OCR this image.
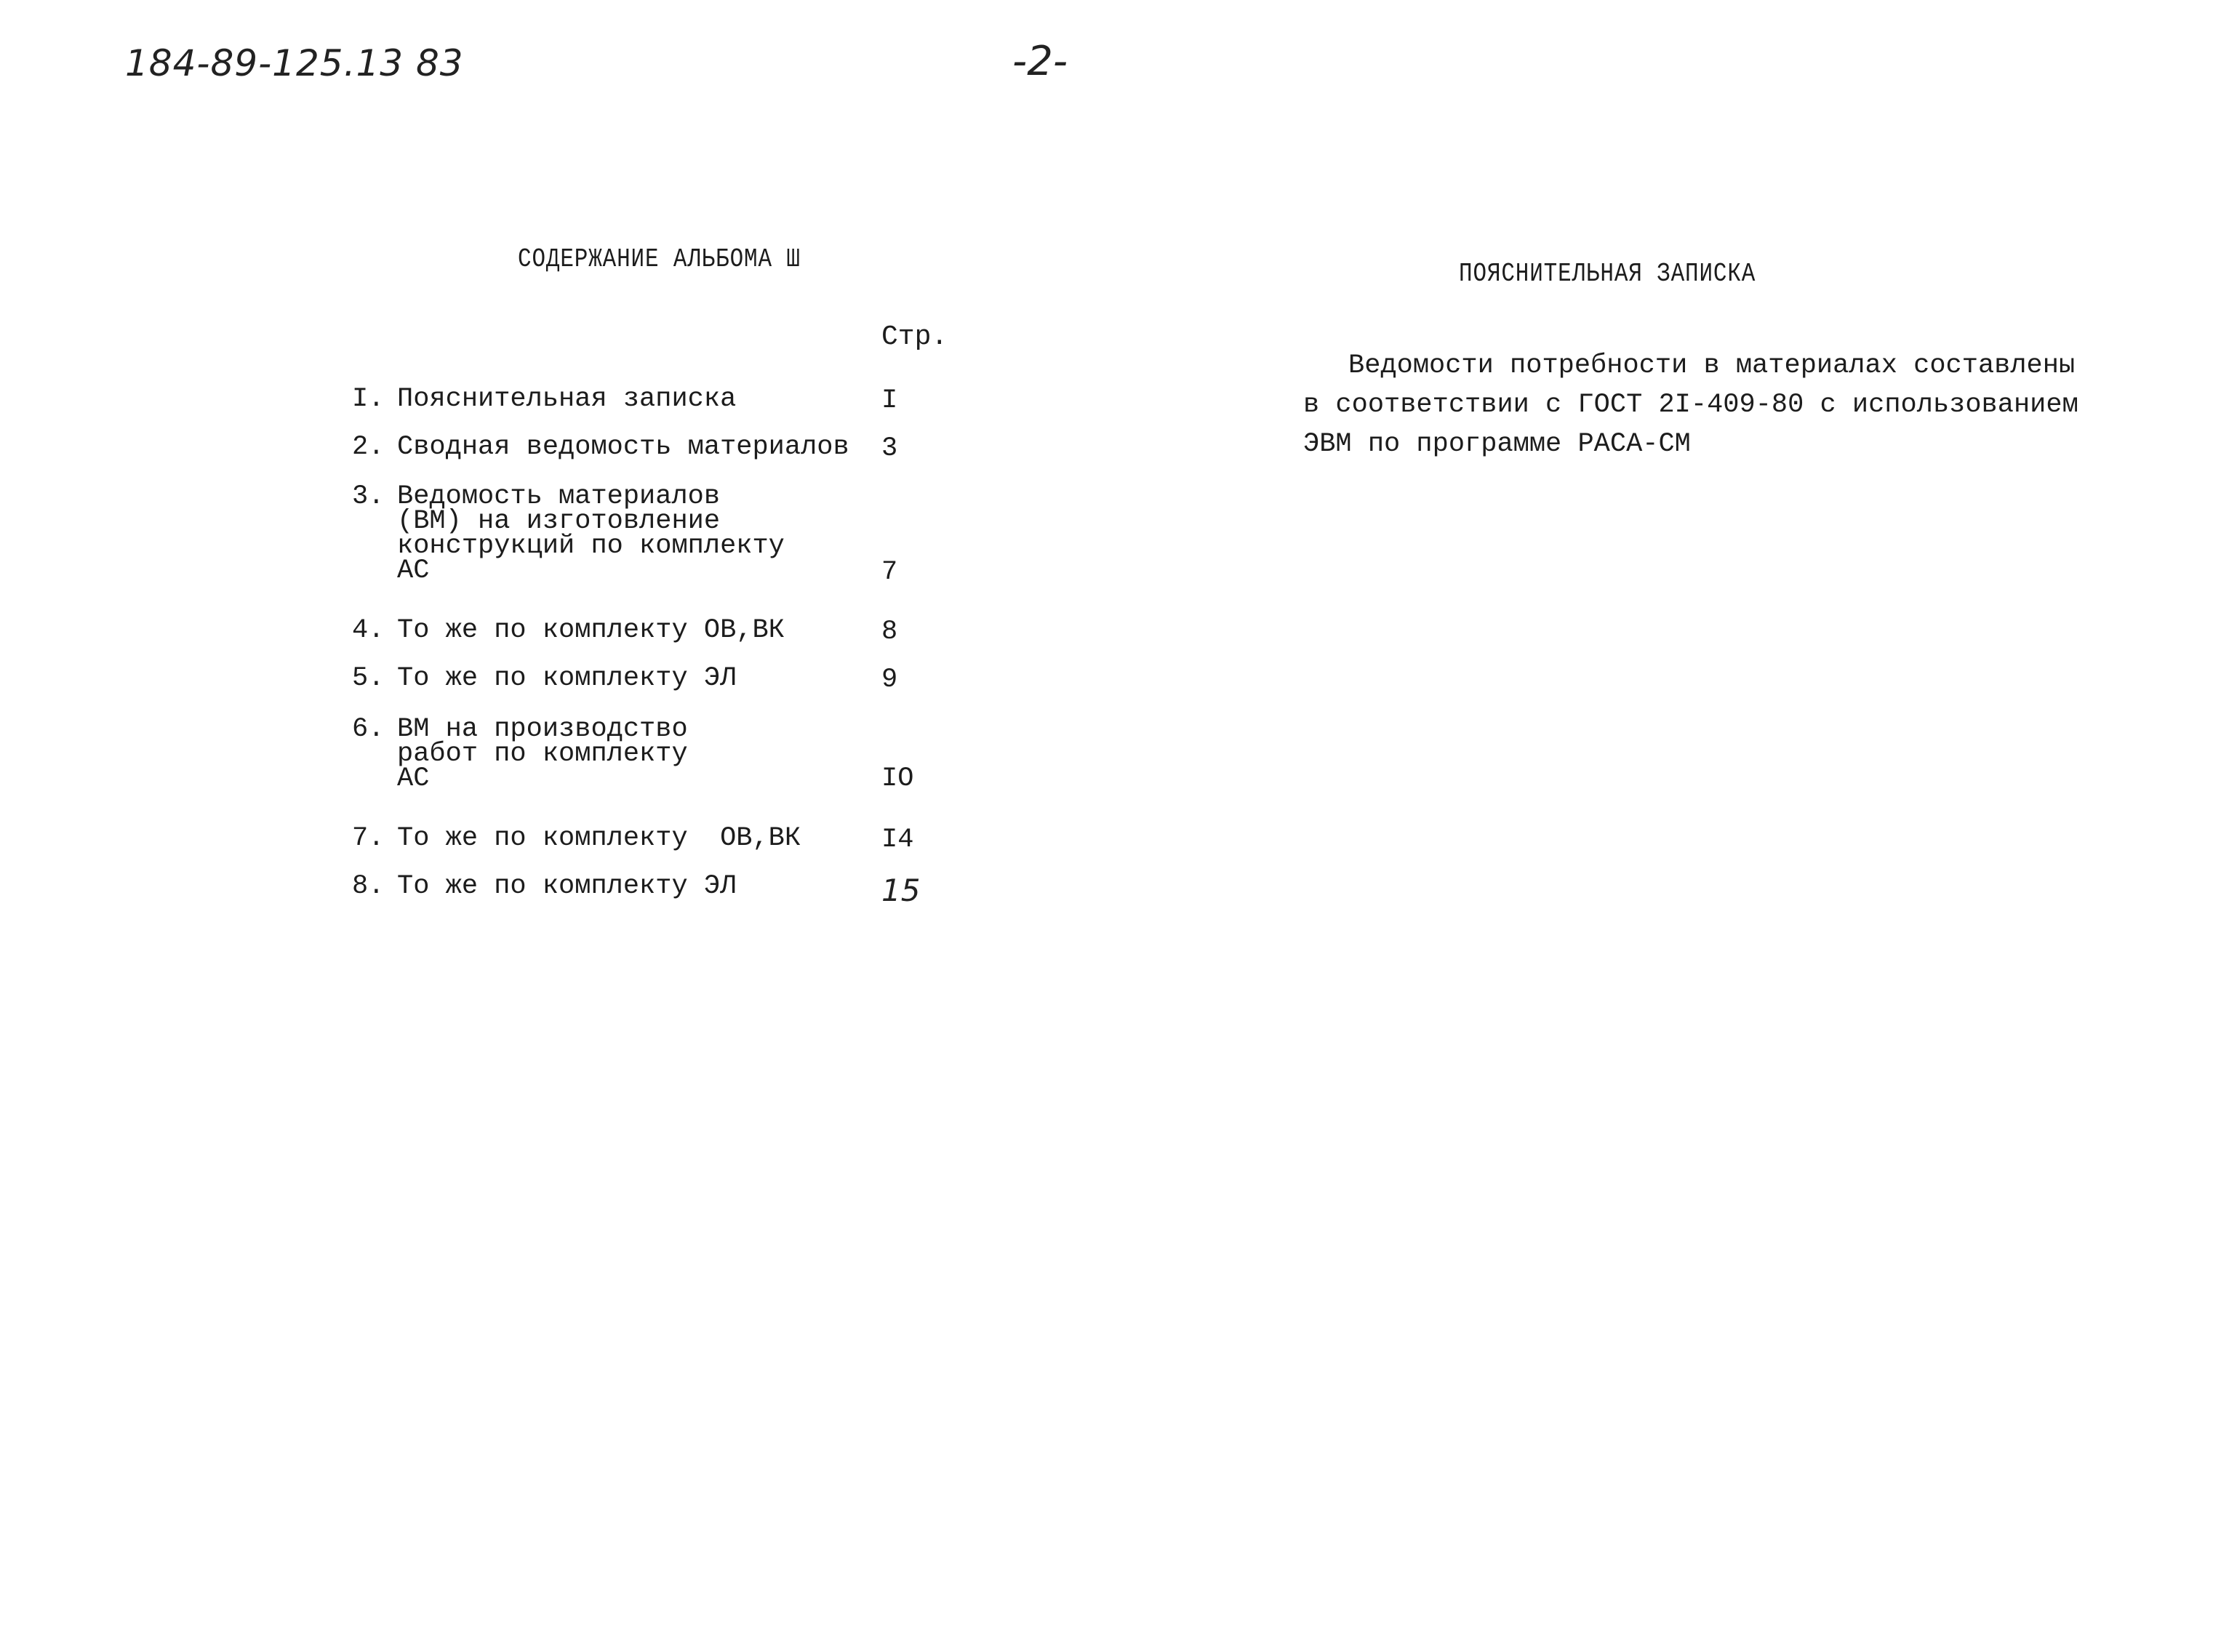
184-89-125.13 83	-2-
СОДЕРЖАНИЕ АЛЬБОМА Ш
Стр.
I. Пояснительная записка	I
2. Сводная ведомость материалов 3
3. Ведомость материалов
(ВМ) на изготовление
конструкций по комплекту
АС	7
4. То же по комплекту ОВ,ВК	8
5. То же по комплекту ЭЛ	9
6. ВМ на производство
работ по комплекту
АС	IO
7. То же по комплекту  ОВ,ВК	I4
8. То же по комплекту ЭЛ	15
ПОЯСНИТЕЛЬНАЯ ЗАПИСКА
Ведомости потребности в материалах составлены
в соответствии с ГОСТ 2I-409-80 с использованием
ЭВМ по программе РАСА-СМ
